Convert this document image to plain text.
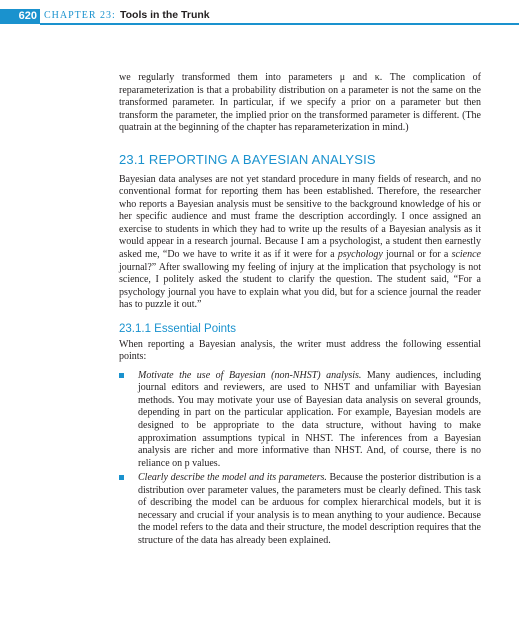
620 CHAPTER 23: Tools in the Trunk

we regularly transformed them into parameters μ and κ. The complication of reparameterization is that a probability distribution on a parameter is not the same on the transformed parameter. In particular, if we specify a prior on a parameter but then transform the parameter, the implied prior on the transformed parameter is different. (The quatrain at the beginning of the chapter has reparameterization in mind.)

23.1 REPORTING A BAYESIAN ANALYSIS

Bayesian data analyses are not yet standard procedure in many fields of research, and no conventional format for reporting them has been established. Therefore, the researcher who reports a Bayesian analysis must be sensitive to the background knowledge of his or her specific audience and must frame the description accordingly. I once assigned an exercise to students in which they had to write up the results of a Bayesian analysis as it would appear in a research journal. Because I am a psychologist, a student then earnestly asked me, “Do we have to write it as if it were for a psychology journal or for a science journal?” After swallowing my feeling of injury at the implication that psychology is not science, I politely asked the student to clarify the question. The student said, “For a psychology journal you have to explain what you did, but for a science journal the reader has to puzzle it out.”

23.1.1 Essential Points

When reporting a Bayesian analysis, the writer must address the following essential points:

Motivate the use of Bayesian (non-NHST) analysis. Many audiences, including journal editors and reviewers, are used to NHST and unfamiliar with Bayesian methods. You may motivate your use of Bayesian data analysis on several grounds, depending in part on the particular application. For example, Bayesian models are designed to be appropriate to the data structure, without having to make approximation assumptions typical in NHST. The inferences from a Bayesian analysis are richer and more informative than NHST. And, of course, there is no reliance on p values.

Clearly describe the model and its parameters. Because the posterior distribution is a distribution over parameter values, the parameters must be clearly defined. This task of describing the model can be arduous for complex hierarchical models, but it is necessary and crucial if your analysis is to mean anything to your audience. Because the model refers to the data and their structure, the model description requires that the structure of the data has already been explained.
